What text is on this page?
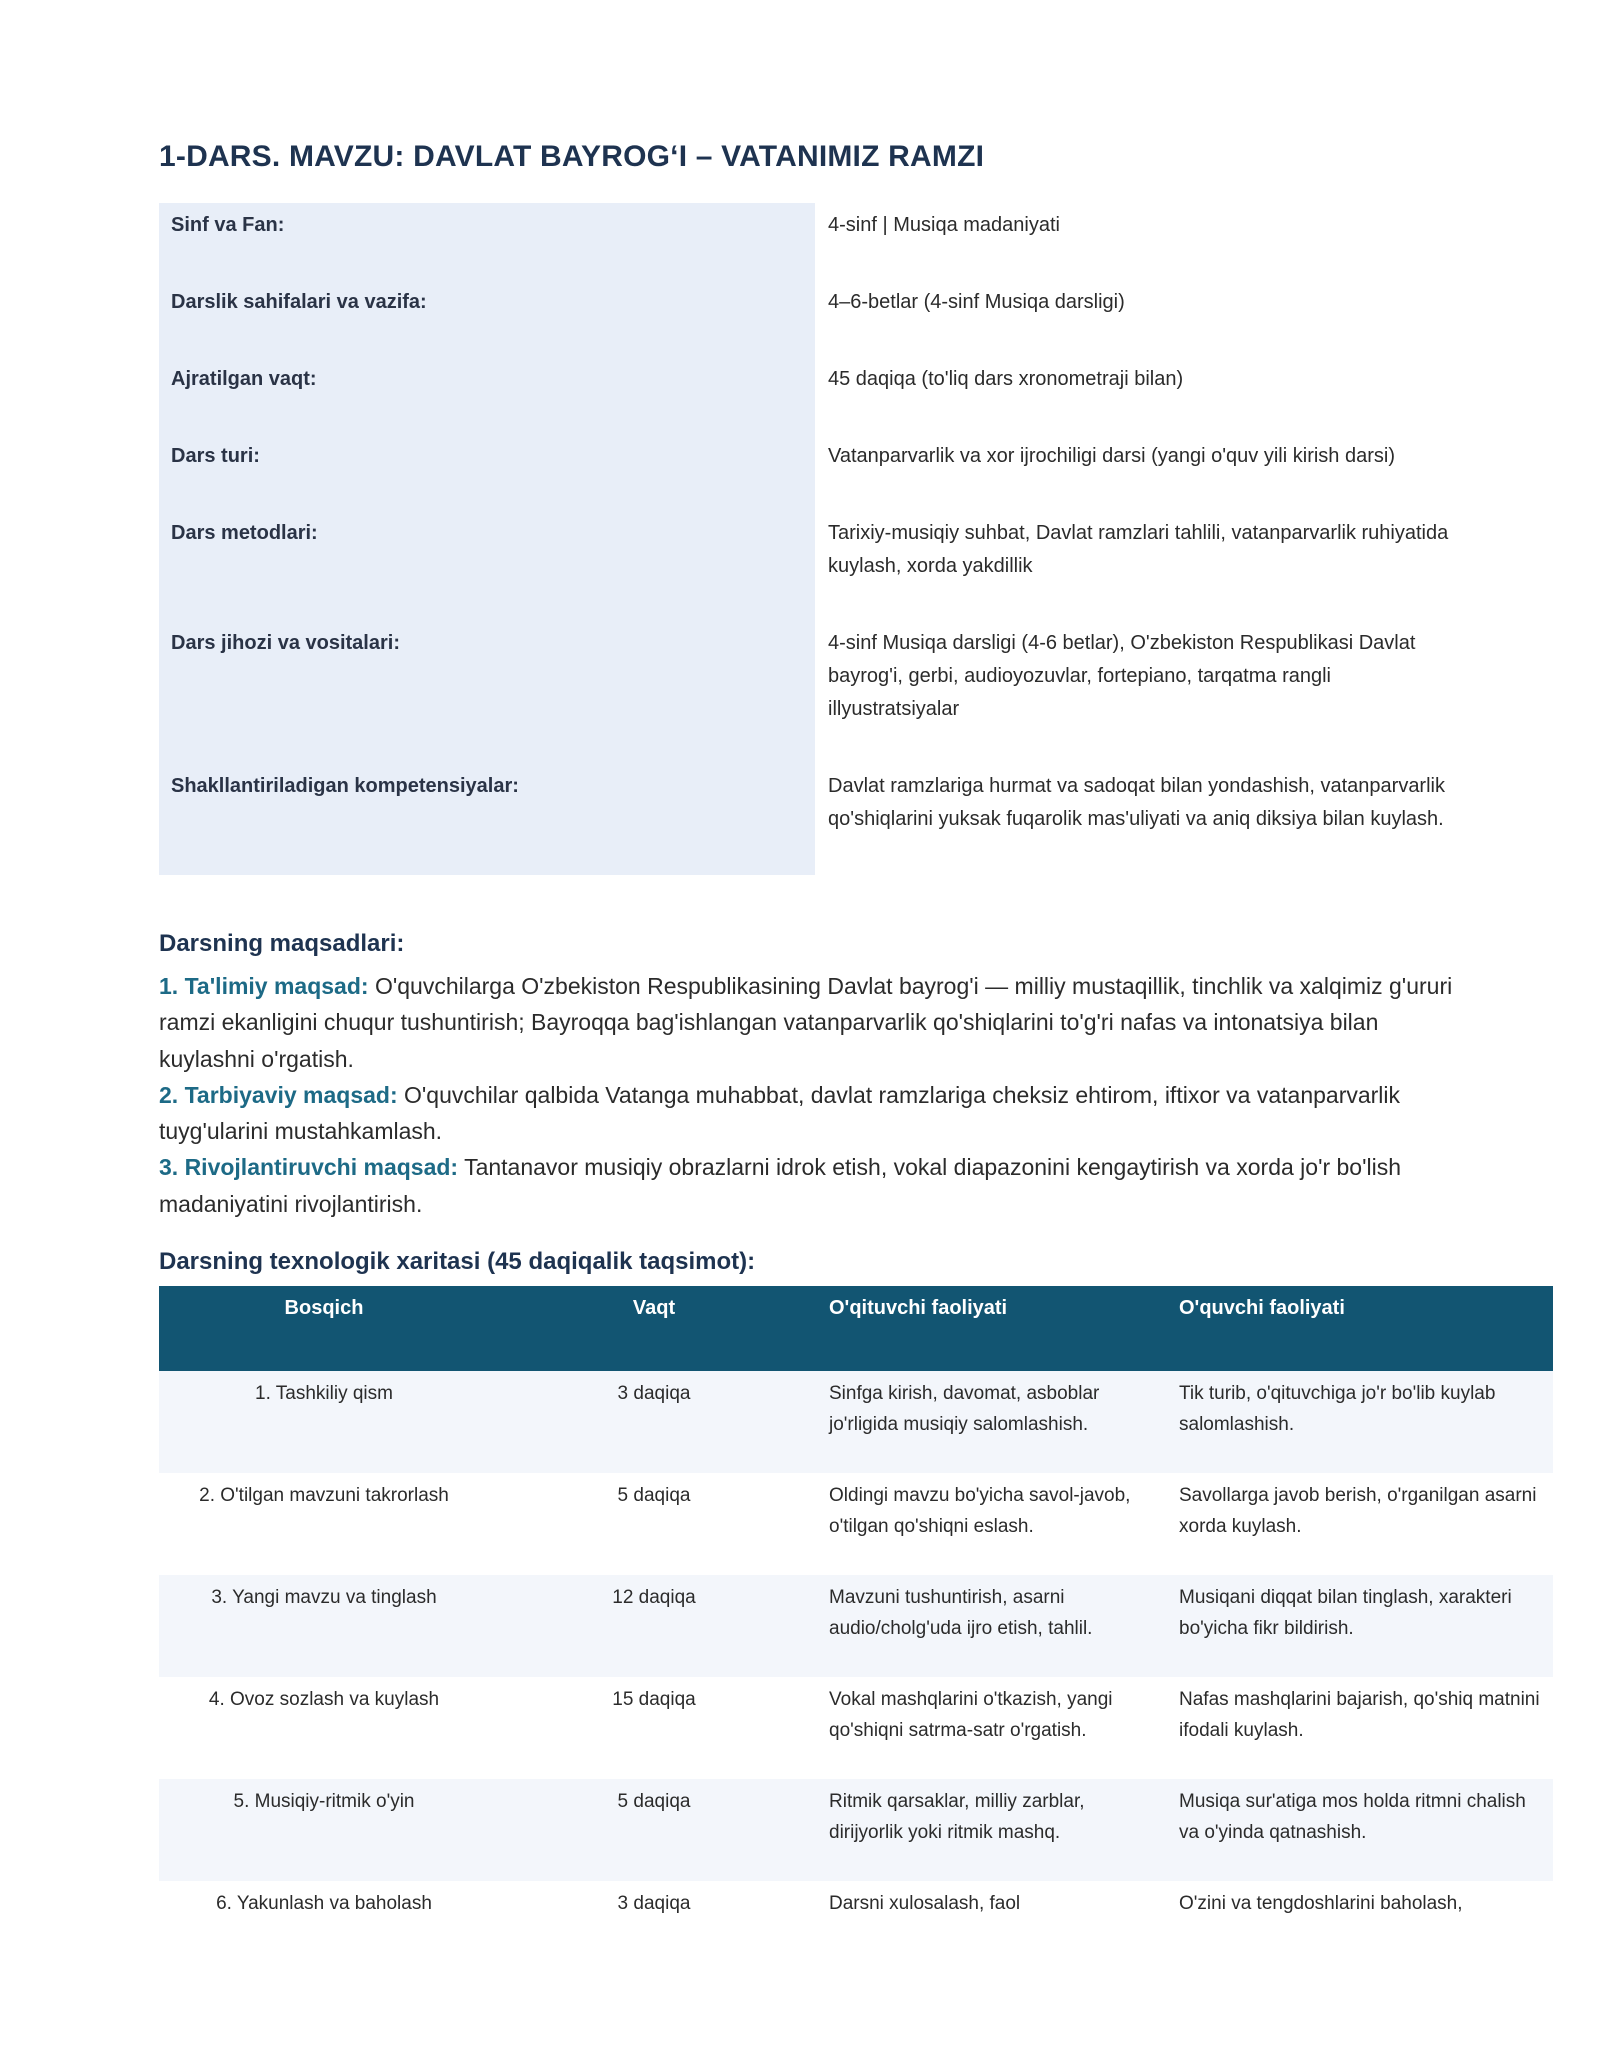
1-DARS. MAVZU: DAVLAT BAYROG‘I – VATANIMIZ RAMZI
Sinf va Fan:	4-sinf | Musiqa madaniyati
Darslik sahifalari va vazifa:	4–6-betlar (4-sinf Musiqa darsligi)
Ajratilgan vaqt:	45 daqiqa (to'liq dars xronometraji bilan)
Dars turi:	Vatanparvarlik va xor ijrochiligi darsi (yangi o'quv yili kirish darsi)
Dars metodlari:	Tarixiy-musiqiy suhbat, Davlat ramzlari tahlili, vatanparvarlik ruhiyatida kuylash, xorda yakdillik
Dars jihozi va vositalari:	4-sinf Musiqa darsligi (4-6 betlar), O'zbekiston Respublikasi Davlat bayrog'i, gerbi, audioyozuvlar, fortepiano, tarqatma rangli illyustratsiyalar
Shakllantiriladigan kompetensiyalar:	Davlat ramzlariga hurmat va sadoqat bilan yondashish, vatanparvarlik qo'shiqlarini yuksak fuqarolik mas'uliyati va aniq diksiya bilan kuylash.
Darsning maqsadlari:

1. Ta'limiy maqsad: O'quvchilarga O'zbekiston Respublikasining Davlat bayrog'i — milliy mustaqillik, tinchlik va xalqimiz g'ururi ramzi ekanligini chuqur tushuntirish; Bayroqqa bag'ishlangan vatanparvarlik qo'shiqlarini to'g'ri nafas va intonatsiya bilan kuylashni o'rgatish.

2. Tarbiyaviy maqsad: O'quvchilar qalbida Vatanga muhabbat, davlat ramzlariga cheksiz ehtirom, iftixor va vatanparvarlik tuyg'ularini mustahkamlash.

3. Rivojlantiruvchi maqsad: Tantanavor musiqiy obrazlarni idrok etish, vokal diapazonini kengaytirish va xorda jo'r bo'lish madaniyatini rivojlantirish.

Darsning texnologik xaritasi (45 daqiqalik taqsimot):
Bosqich	Vaqt	O'qituvchi faoliyati	O'quvchi faoliyati
1. Tashkiliy qism	3 daqiqa	Sinfga kirish, davomat, asboblar jo'rligida musiqiy salomlashish.	Tik turib, o'qituvchiga jo'r bo'lib kuylab salomlashish.
2. O'tilgan mavzuni takrorlash	5 daqiqa	Oldingi mavzu bo'yicha savol-javob, o'tilgan qo'shiqni eslash.	Savollarga javob berish, o'rganilgan asarni xorda kuylash.
3. Yangi mavzu va tinglash	12 daqiqa	Mavzuni tushuntirish, asarni audio/cholg'uda ijro etish, tahlil.	Musiqani diqqat bilan tinglash, xarakteri bo'yicha fikr bildirish.
4. Ovoz sozlash va kuylash	15 daqiqa	Vokal mashqlarini o'tkazish, yangi qo'shiqni satrma-satr o'rgatish.	Nafas mashqlarini bajarish, qo'shiq matnini ifodali kuylash.
5. Musiqiy-ritmik o'yin	5 daqiqa	Ritmik qarsaklar, milliy zarblar, dirijyorlik yoki ritmik mashq.	Musiqa sur'atiga mos holda ritmni chalish va o'yinda qatnashish.
6. Yakunlash va baholash	3 daqiqa	Darsni xulosalash, faol	O'zini va tengdoshlarini baholash,
